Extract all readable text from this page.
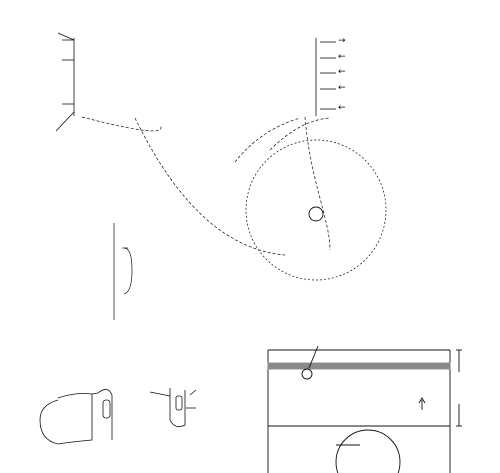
→
←
←
←
←
